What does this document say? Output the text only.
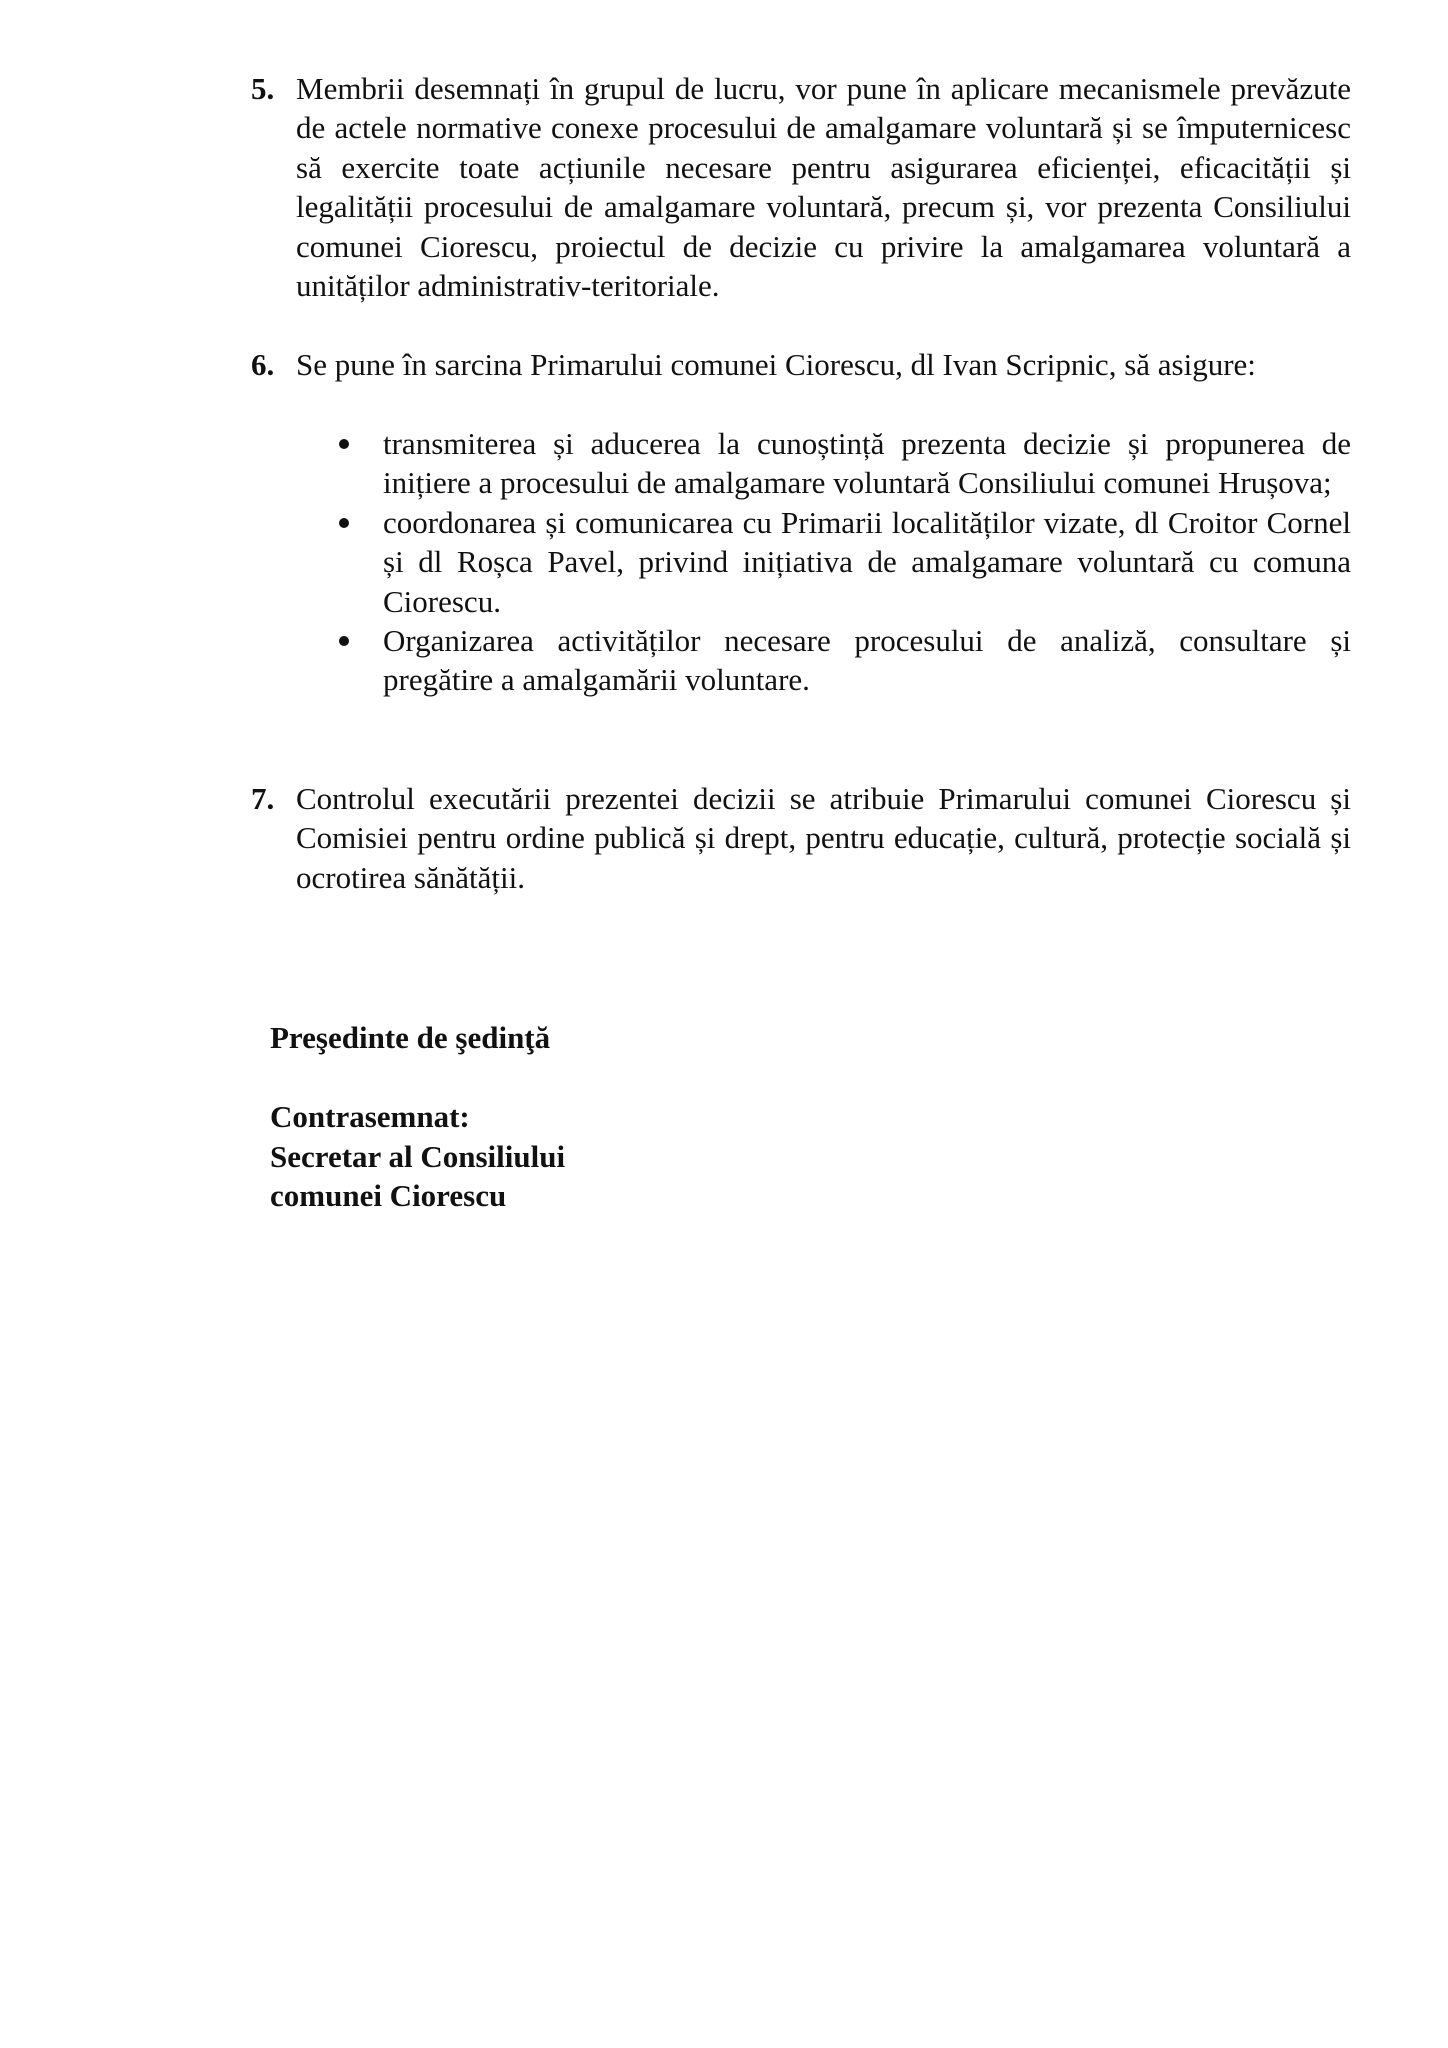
5. Membrii desemnați în grupul de lucru, vor pune în aplicare mecanismele prevăzute de actele normative conexe procesului de amalgamare voluntară și se împuternicesc să exercite toate acțiunile necesare pentru asigurarea eficienței, eficacității și legalității procesului de amalgamare voluntară, precum și, vor prezenta Consiliului comunei Ciorescu, proiectul de decizie cu privire la amalgamarea voluntară a unităților administrativ-teritoriale.
6. Se pune în sarcina Primarului comunei Ciorescu, dl Ivan Scripnic, să asigure:
transmiterea și aducerea la cunoștință prezenta decizie și propunerea de inițiere a procesului de amalgamare voluntară Consiliului comunei Hrușova;
coordonarea și comunicarea cu Primarii localităților vizate, dl Croitor Cornel și dl Roșca Pavel, privind inițiativa de amalgamare voluntară cu comuna Ciorescu.
Organizarea activităților necesare procesului de analiză, consultare și pregătire a amalgamării voluntare.
7. Controlul executării prezentei decizii se atribuie Primarului comunei Ciorescu și Comisiei pentru ordine publică și drept, pentru educație, cultură, protecție socială și ocrotirea sănătății.
Preşedinte de şedinţă
Contrasemnat:
Secretar al Consiliului
comunei Ciorescu
